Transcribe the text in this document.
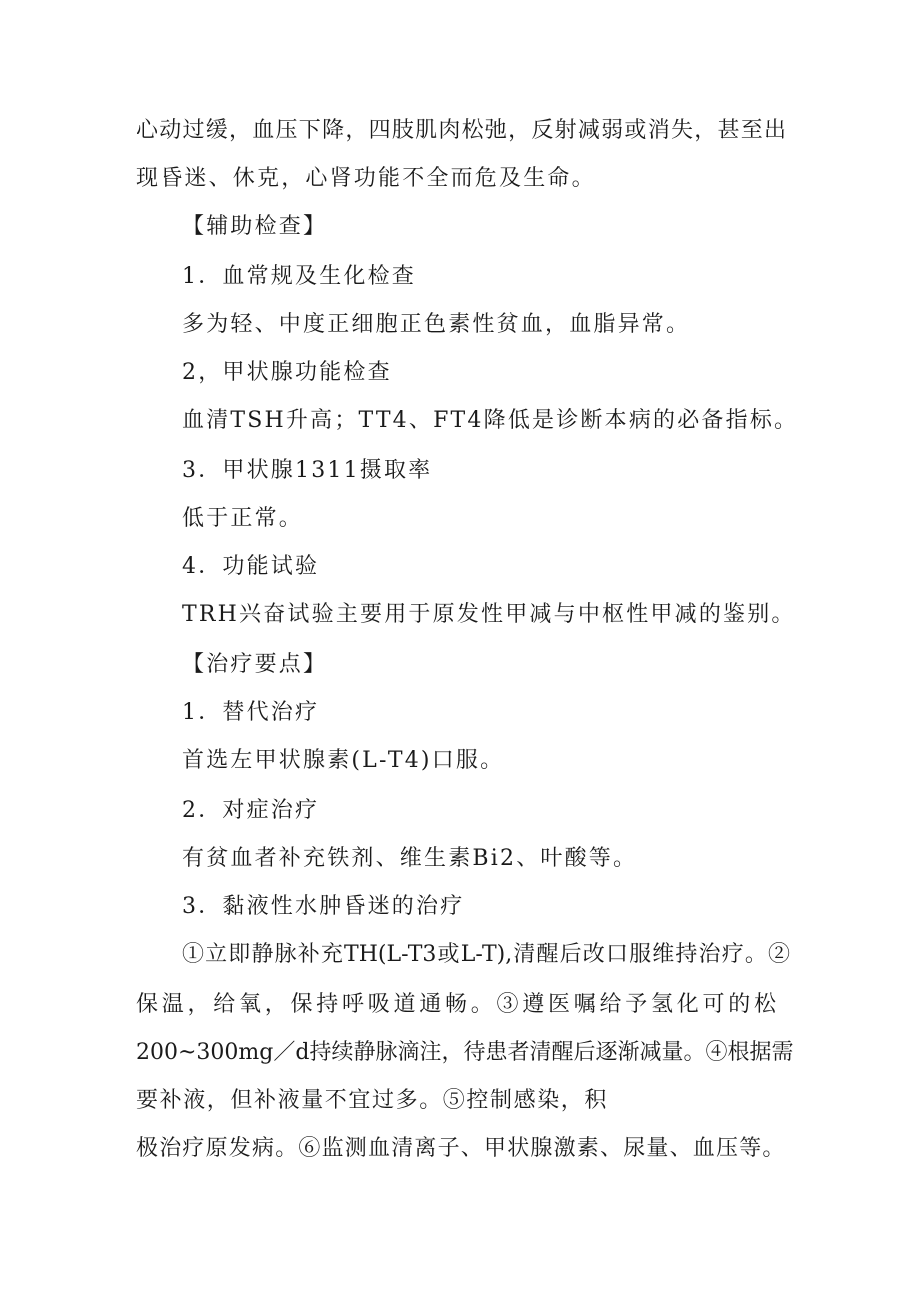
心动过缓，血压下降，四肢肌肉松弛，反射减弱或消失，甚至出
现昏迷、休克，心肾功能不全而危及生命。
【辅助检查】
1．血常规及生化检查
多为轻、中度正细胞正色素性贫血，血脂异常。
2，甲状腺功能检查
血清TSH升高；TT4、FT4降低是诊断本病的必备指标。
3．甲状腺1311摄取率
低于正常。
4．功能试验
TRH兴奋试验主要用于原发性甲减与中枢性甲减的鉴别。
【治疗要点】
1．替代治疗
首选左甲状腺素(L-T4)口服。
2．对症治疗
有贫血者补充铁剂、维生素Bi2、叶酸等。
3．黏液性水肿昏迷的治疗
①立即静脉补充TH(L-T3或L-T),清醒后改口服维持治疗。②
保温，给氧，保持呼吸道通畅。③遵医嘱给予氢化可的松
200~300mg／d持续静脉滴注，待患者清醒后逐渐减量。④根据需
要补液，但补液量不宜过多。⑤控制感染，积
极治疗原发病。⑥监测血清离子、甲状腺激素、尿量、血压等。
